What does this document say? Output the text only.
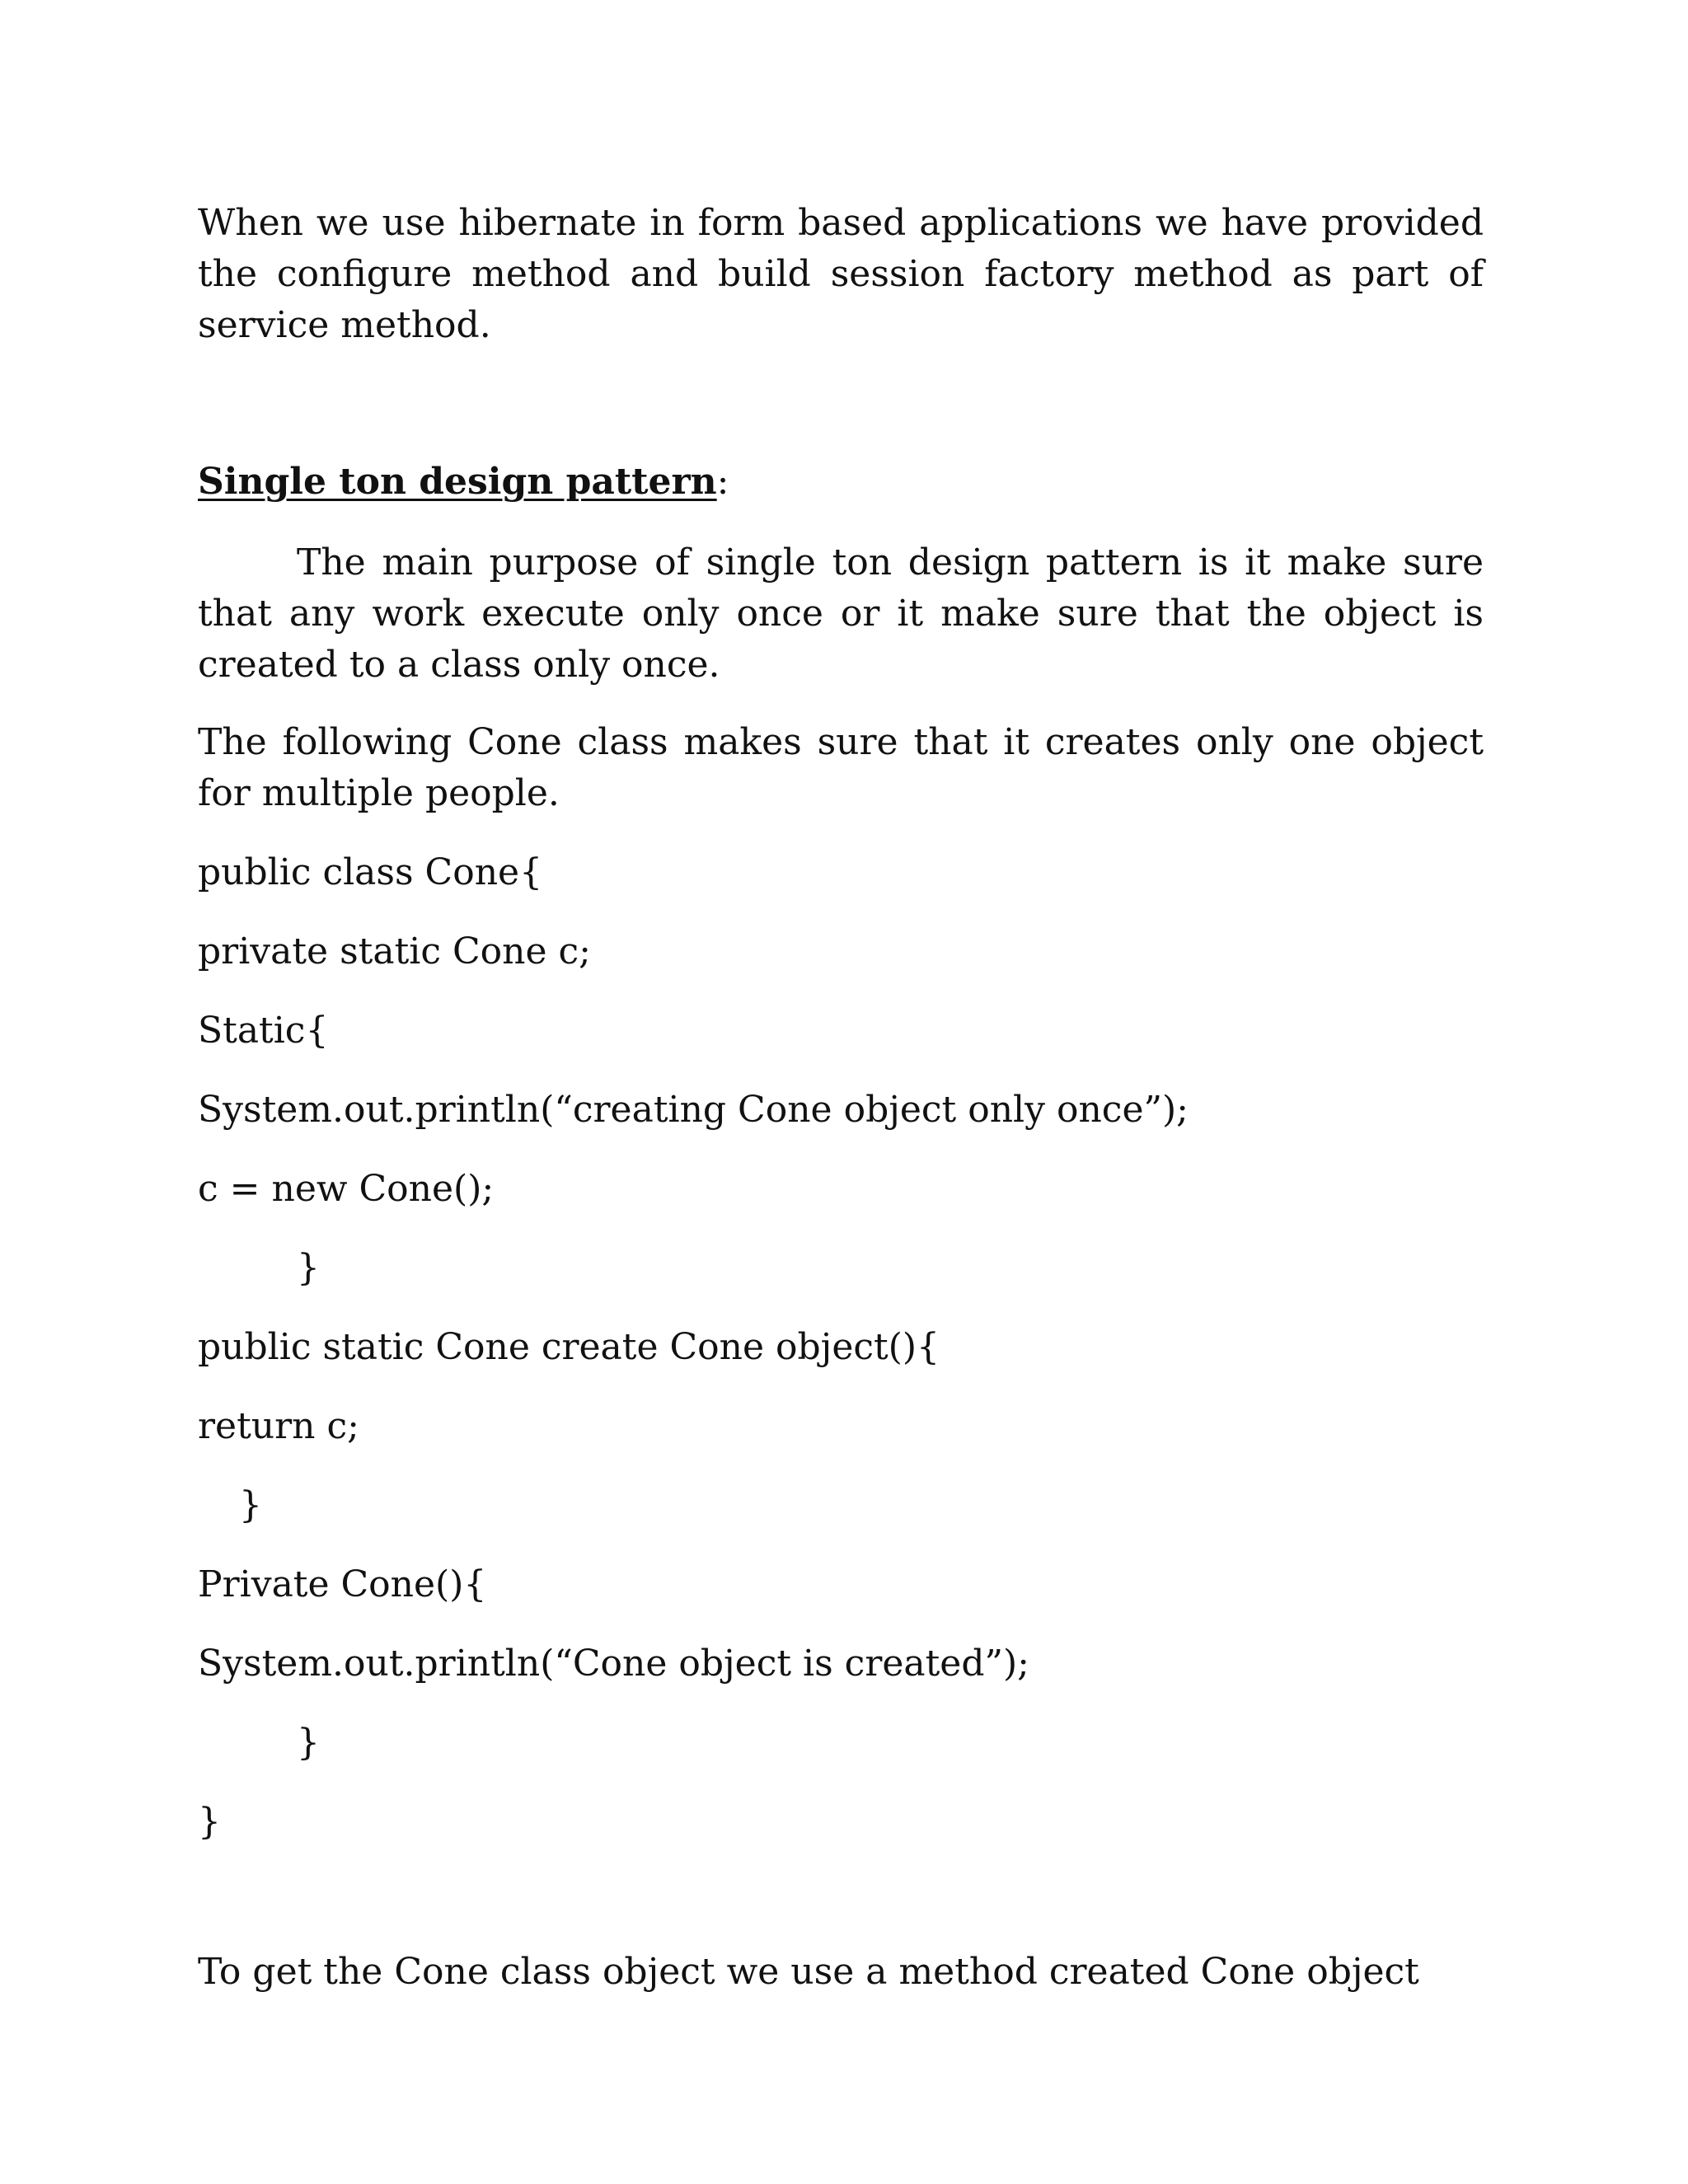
When we use hibernate in form based applications we have provided the configure method and build session factory method as part of service method.

Single ton design pattern:

The main purpose of single ton design pattern is it make sure that any work execute only once or it make sure that the object is created to a class only once.

The following Cone class makes sure that it creates only one object for multiple people.

public class Cone{
private static Cone c;
Static{
System.out.println(“creating Cone object only once”);
c = new Cone();
}
public static Cone create Cone object(){
return c;
}
Private Cone(){
System.out.println(“Cone object is created”);
}
}

To get the Cone class object we use a method created Cone object
